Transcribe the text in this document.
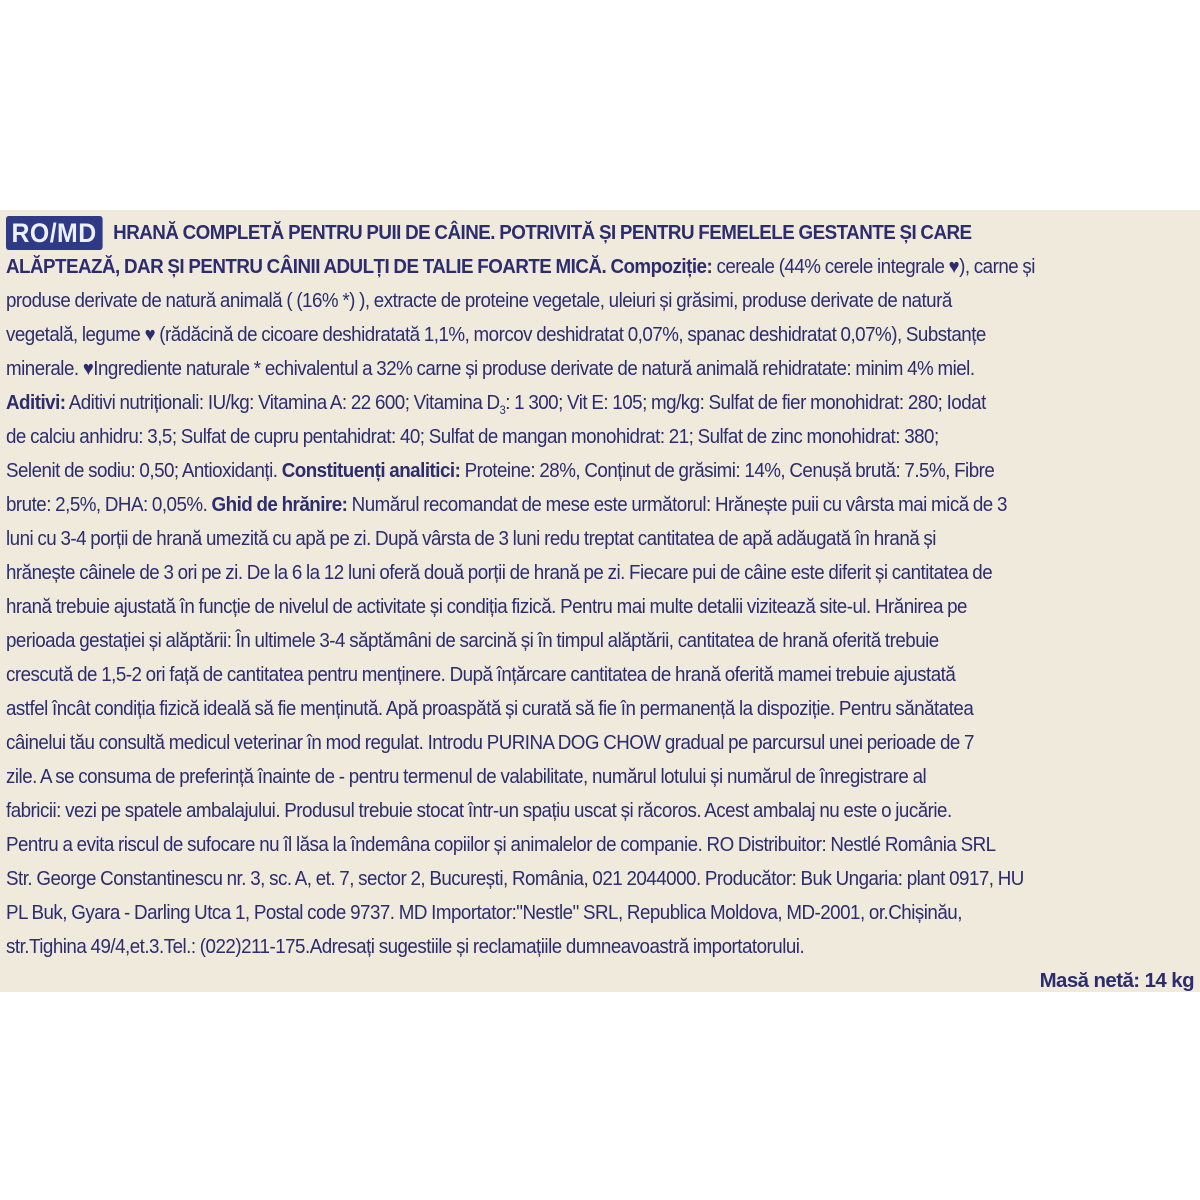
RO/MD HRANĂ COMPLETĂ PENTRU PUII DE CÂINE. POTRIVITĂ ȘI PENTRU FEMELELE GESTANTE ȘI CARE
ALĂPTEAZĂ, DAR ȘI PENTRU CÂINII ADULȚI DE TALIE FOARTE MICĂ. Compoziție: cereale (44% cerele integrale ♥), carne și
produse derivate de natură animală ( (16% *) ), extracte de proteine vegetale, uleiuri și grăsimi, produse derivate de natură
vegetală, legume ♥ (rădăcină de cicoare deshidratată 1,1%, morcov deshidratat 0,07%, spanac deshidratat 0,07%), Substanțe
minerale. ♥Ingrediente naturale * echivalentul a 32% carne și produse derivate de natură animală rehidratate: minim 4% miel.
Aditivi: Aditivi nutriționali: IU/kg: Vitamina A: 22 600; Vitamina $D_3$: 1 300; Vit E: 105; mg/kg: Sulfat de fier monohidrat: 280; Iodat
de calciu anhidru: 3,5; Sulfat de cupru pentahidrat: 40; Sulfat de mangan monohidrat: 21; Sulfat de zinc monohidrat: 380;
Selenit de sodiu: 0,50; Antioxidanți. Constituenți analitici: Proteine: 28%, Conținut de grăsimi: 14%, Cenușă brută: 7.5%, Fibre
brute: 2,5%, DHA: 0,05%. Ghid de hrănire: Numărul recomandat de mese este următorul: Hrănește puii cu vârsta mai mică de 3
luni cu 3-4 porții de hrană umezită cu apă pe zi. După vârsta de 3 luni redu treptat cantitatea de apă adăugată în hrană și
hrănește câinele de 3 ori pe zi. De la 6 la 12 luni oferă două porții de hrană pe zi. Fiecare pui de câine este diferit și cantitatea de
hrană trebuie ajustată în funcție de nivelul de activitate și condiția fizică. Pentru mai multe detalii vizitează site-ul. Hrănirea pe
perioada gestației și alăptării: În ultimele 3-4 săptămâni de sarcină și în timpul alăptării, cantitatea de hrană oferită trebuie
crescută de 1,5-2 ori față de cantitatea pentru menținere. După înțărcare cantitatea de hrană oferită mamei trebuie ajustată
astfel încât condiția fizică ideală să fie menținută. Apă proaspătă și curată să fie în permanență la dispoziție. Pentru sănătatea
câinelui tău consultă medicul veterinar în mod regulat. Introdu PURINA DOG CHOW gradual pe parcursul unei perioade de 7
zile. A se consuma de preferință înainte de - pentru termenul de valabilitate, numărul lotului și numărul de înregistrare al
fabricii: vezi pe spatele ambalajului. Produsul trebuie stocat într-un spațiu uscat și răcoros. Acest ambalaj nu este o jucărie.
Pentru a evita riscul de sufocare nu îl lăsa la îndemâna copiilor și animalelor de companie. RO Distribuitor: Nestlé România SRL
Str. George Constantinescu nr. 3, sc. A, et. 7, sector 2, București, România, 021 2044000. Producător: Buk Ungaria: plant 0917, HU
PL Buk, Gyara - Darling Utca 1, Postal code 9737. MD Importator:"Nestle" SRL, Republica Moldova, MD-2001, or.Chișinău,
str.Tighina 49/4,et.3.Tel.: (022)211-175.Adresați sugestiile și reclamațiile dumneavoastră importatorului.
Masă netă: 14 kg
